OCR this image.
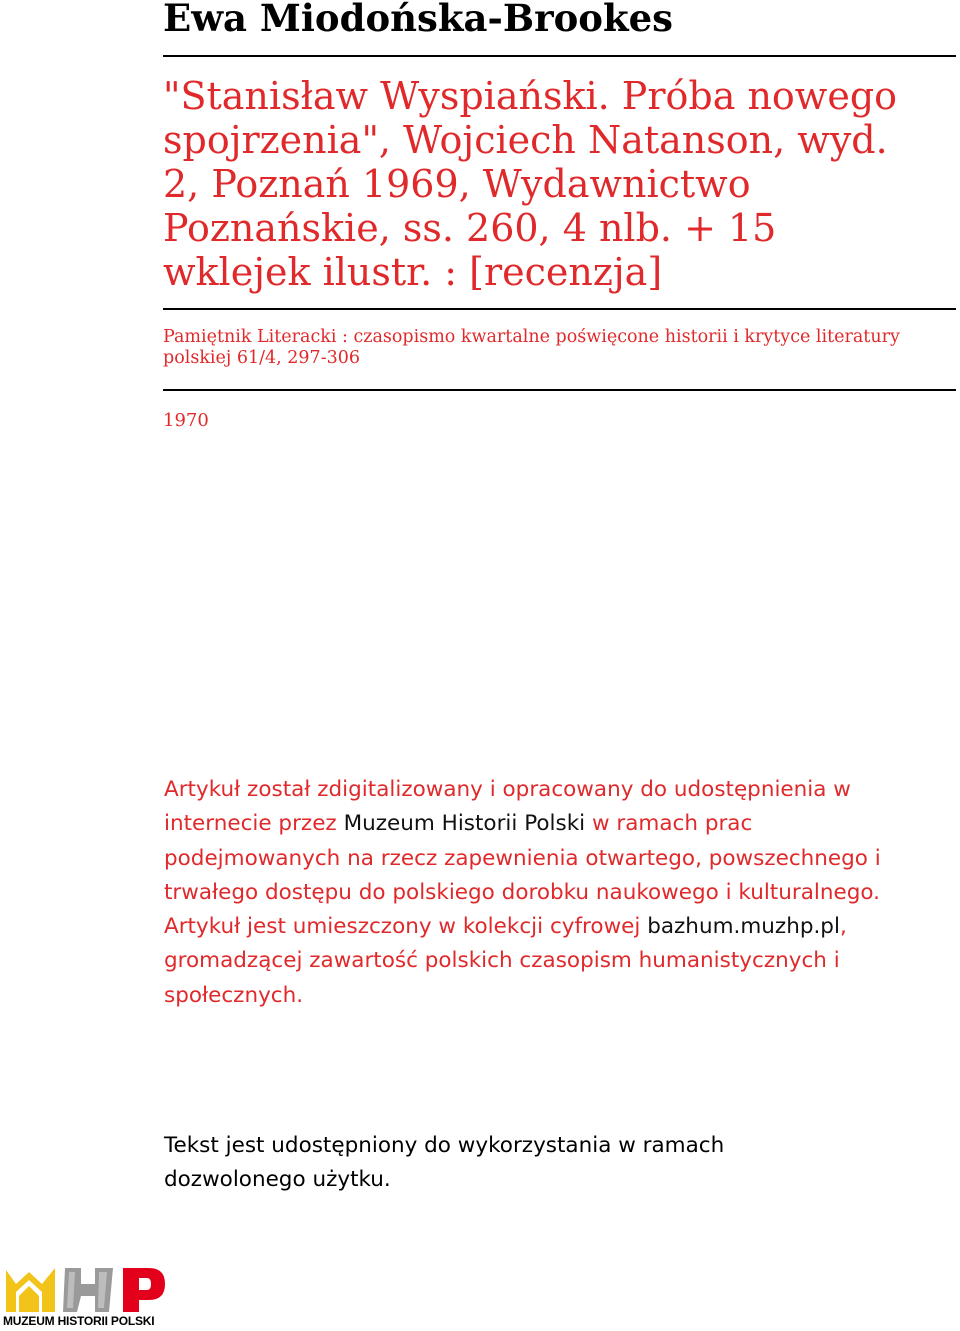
Ewa Miodońska-Brookes
"Stanisław Wyspiański. Próba nowego spojrzenia", Wojciech Natanson, wyd. 2, Poznań 1969, Wydawnictwo Poznańskie, ss. 260, 4 nlb. + 15 wklejek ilustr. : [recenzja]
Pamiętnik Literacki : czasopismo kwartalne poświęcone historii i krytyce literatury polskiej 61/4, 297-306
1970
Artykuł został zdigitalizowany i opracowany do udostępnienia w internecie przez Muzeum Historii Polski w ramach prac podejmowanych na rzecz zapewnienia otwartego, powszechnego i trwałego dostępu do polskiego dorobku naukowego i kulturalnego. Artykuł jest umieszczony w kolekcji cyfrowej bazhum.muzhp.pl, gromadzącej zawartość polskich czasopism humanistycznych i społecznych.
Tekst jest udostępniony do wykorzystania w ramach dozwolonego użytku.
MUZEUM HISTORII POLSKI
